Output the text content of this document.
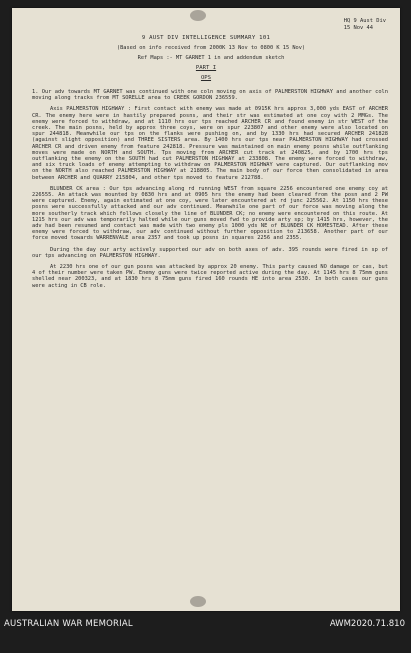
HQ 9 Aust Div
15 Nov 44
9 AUST DIV INTELLIGENCE SUMMARY 101
(Based on info received from 2000K 13 Nov to 0800 K 15 Nov)
Ref Maps :- MT GARNET 1 in and addendum sketch
PART I
OPS

1. Our adv towards MT GARNET was continued with one coln moving on axis of PALMERSTON HIGHWAY and another coln moving along tracks from MT SORELLE area to CREEK GORDON 236559.

Axis PALMERSTON HIGHWAY : First contact with enemy was made at 0915K hrs approx 3,000 yds EAST of ARCHER CR. The enemy here were in hastily prepared posns, and their str was estimated at one coy with 2 MMGs. The enemy were forced to withdraw, and at 1110 hrs our tps reached ARCHER CR and found enemy in str WEST of the creek. The main posns, held by approx three coys, were on spur 223807 and other enemy were also located on spur 244818. Meanwhile our tps on the flanks were pushing on, and by 1330 hrs had secured ARCHER 241828 (against slight opposition) and THREE SISTERS area. By 1400 hrs our tps near PALMERSTON HIGHWAY had crossed ARCHER CR and driven enemy from feature 242818. Pressure was maintained on main enemy posns while outflanking moves were made on NORTH and SOUTH. Tps moving from ARCHER cut track at 240825, and by 1700 hrs tps outflanking the enemy on the SOUTH had cut PALMERSTON HIGHWAY at 233808. The enemy were forced to withdraw, and six truck loads of enemy attempting to withdraw on PALMERSTON HIGHWAY were captured. Our outflanking mov on the NORTH also reached PALMERSTON HIGHWAY at 218805. The main body of our force then consolidated in area between ARCHER and QUARRY 215804, and other tps moved to feature 212788.

BLUNDER CK area : Our tps advancing along rd running WEST from square 2256 encountered one enemy coy at 226555. An attack was mounted by 0830 hrs and at 0905 hrs the enemy had been cleared from the posn and 2 PW were captured. Enemy, again estimated at one coy, were later encountered at rd junc 225562. At 1150 hrs these posns were successfully attacked and our adv continued. Meanwhile one part of our force was moving along the more southerly track which follows closely the line of BLUNDER CK; no enemy were encountered on this route. At 1215 hrs our adv was temporarily halted while our guns moved fwd to provide arty sp; by 1415 hrs, however, the adv had been resumed and contact was made with two enemy pls 1000 yds NE of BLUNDER CK HOMESTEAD. After these enemy were forced to withdraw, our adv continued without further opposition to 213658. Another part of our force moved towards WARRENVALE area 2357 and took up posns in squares 2256 and 2355.

During the day our arty actively supported our adv on both axes of adv. 395 rounds were fired in sp of our tps advancing on PALMERSTON HIGHWAY.

At 2230 hrs one of our gun posns was attacked by approx 20 enemy. This party caused NO damage or cas, but 4 of their number were taken PW. Enemy guns were twice reported active during the day. At 1145 hrs 8 75mm guns shelled near 200323, and at 1830 hrs 8 75mm guns fired 160 rounds HE into area 2530. In both cases our guns were acting in CB role.

AUSTRALIAN WAR MEMORIAL	AWM2020.71.810
